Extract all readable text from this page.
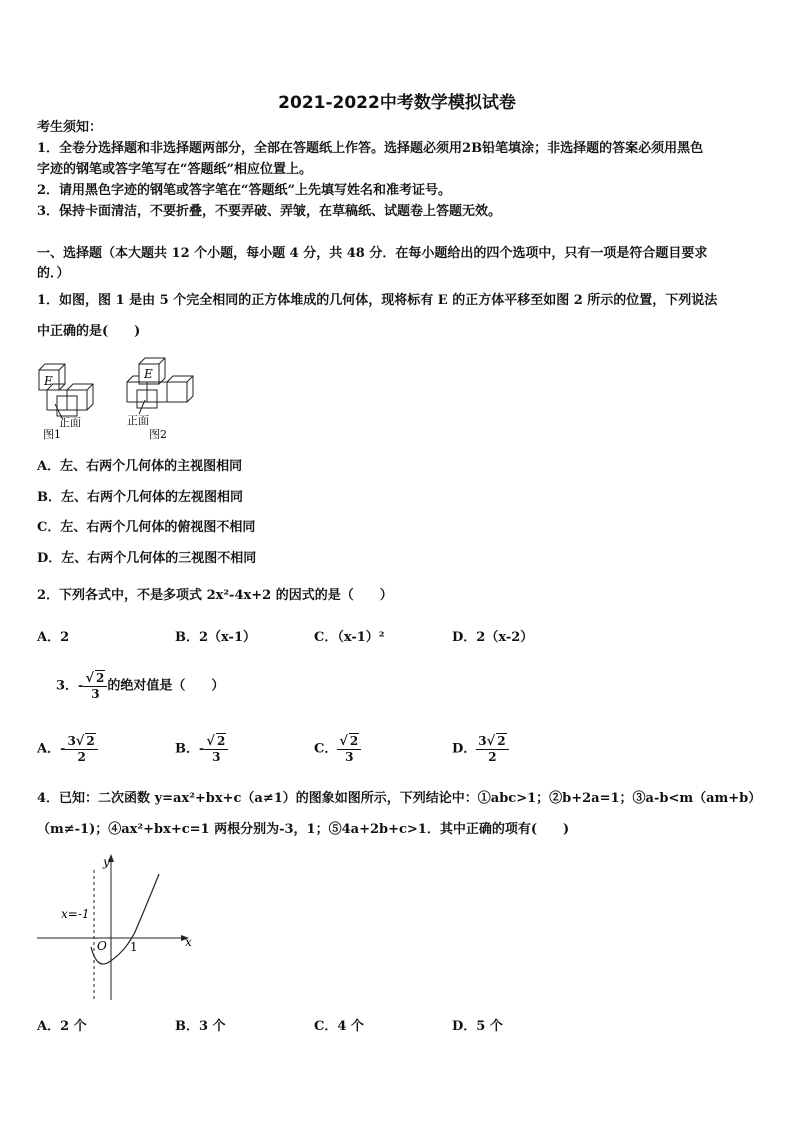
2021-2022中考数学模拟试卷
考生须知：
1．全卷分选择题和非选择题两部分，全部在答题纸上作答。选择题必须用2B铅笔填涂；非选择题的答案必须用黑色
字迹的钢笔或答字笔写在“答题纸”相应位置上。
2．请用黑色字迹的钢笔或答字笔在“答题纸”上先填写姓名和准考证号。
3．保持卡面清洁，不要折叠，不要弄破、弄皱，在草稿纸、试题卷上答题无效。
一、选择题（本大题共 12 个小题，每小题 4 分，共 48 分．在每小题给出的四个选项中，只有一项是符合题目要求
的．）
1．如图，图 1 是由 5 个完全相同的正方体堆成的几何体，现将标有 E 的正方体平移至如图 2 所示的位置，下列说法
中正确的是(　　)
E
正面
图1
E
正面
图2
A．左、右两个几何体的主视图相同
B．左、右两个几何体的左视图相同
C．左、右两个几何体的俯视图不相同
D．左、右两个几何体的三视图不相同
2．下列各式中，不是多项式 2x²-4x+2 的因式的是（　　）
A．2	B．2（x-1）	C．（x-1）²	D．2（x-2）
3．- $\frac{√ 2}{3}$ 的绝对值是（　　）
A．- $\frac{3√ 2}{2}$	B．- $\frac{√ 2}{3}$	C． $\frac{√ 2}{3}$	D． $\frac{3√ 2}{2}$
4．已知：二次函数 y=ax²+bx+c（a≠1）的图象如图所示，下列结论中：①abc>1；②b+2a=1；③a-b<m（am+b）
（m≠-1)；④ax²+bx+c=1 两根分别为-3，1；⑤4a+2b+c>1．其中正确的项有(　　)
y
x
O
x=-1
1
A．2 个	B．3 个	C．4 个	D．5 个
